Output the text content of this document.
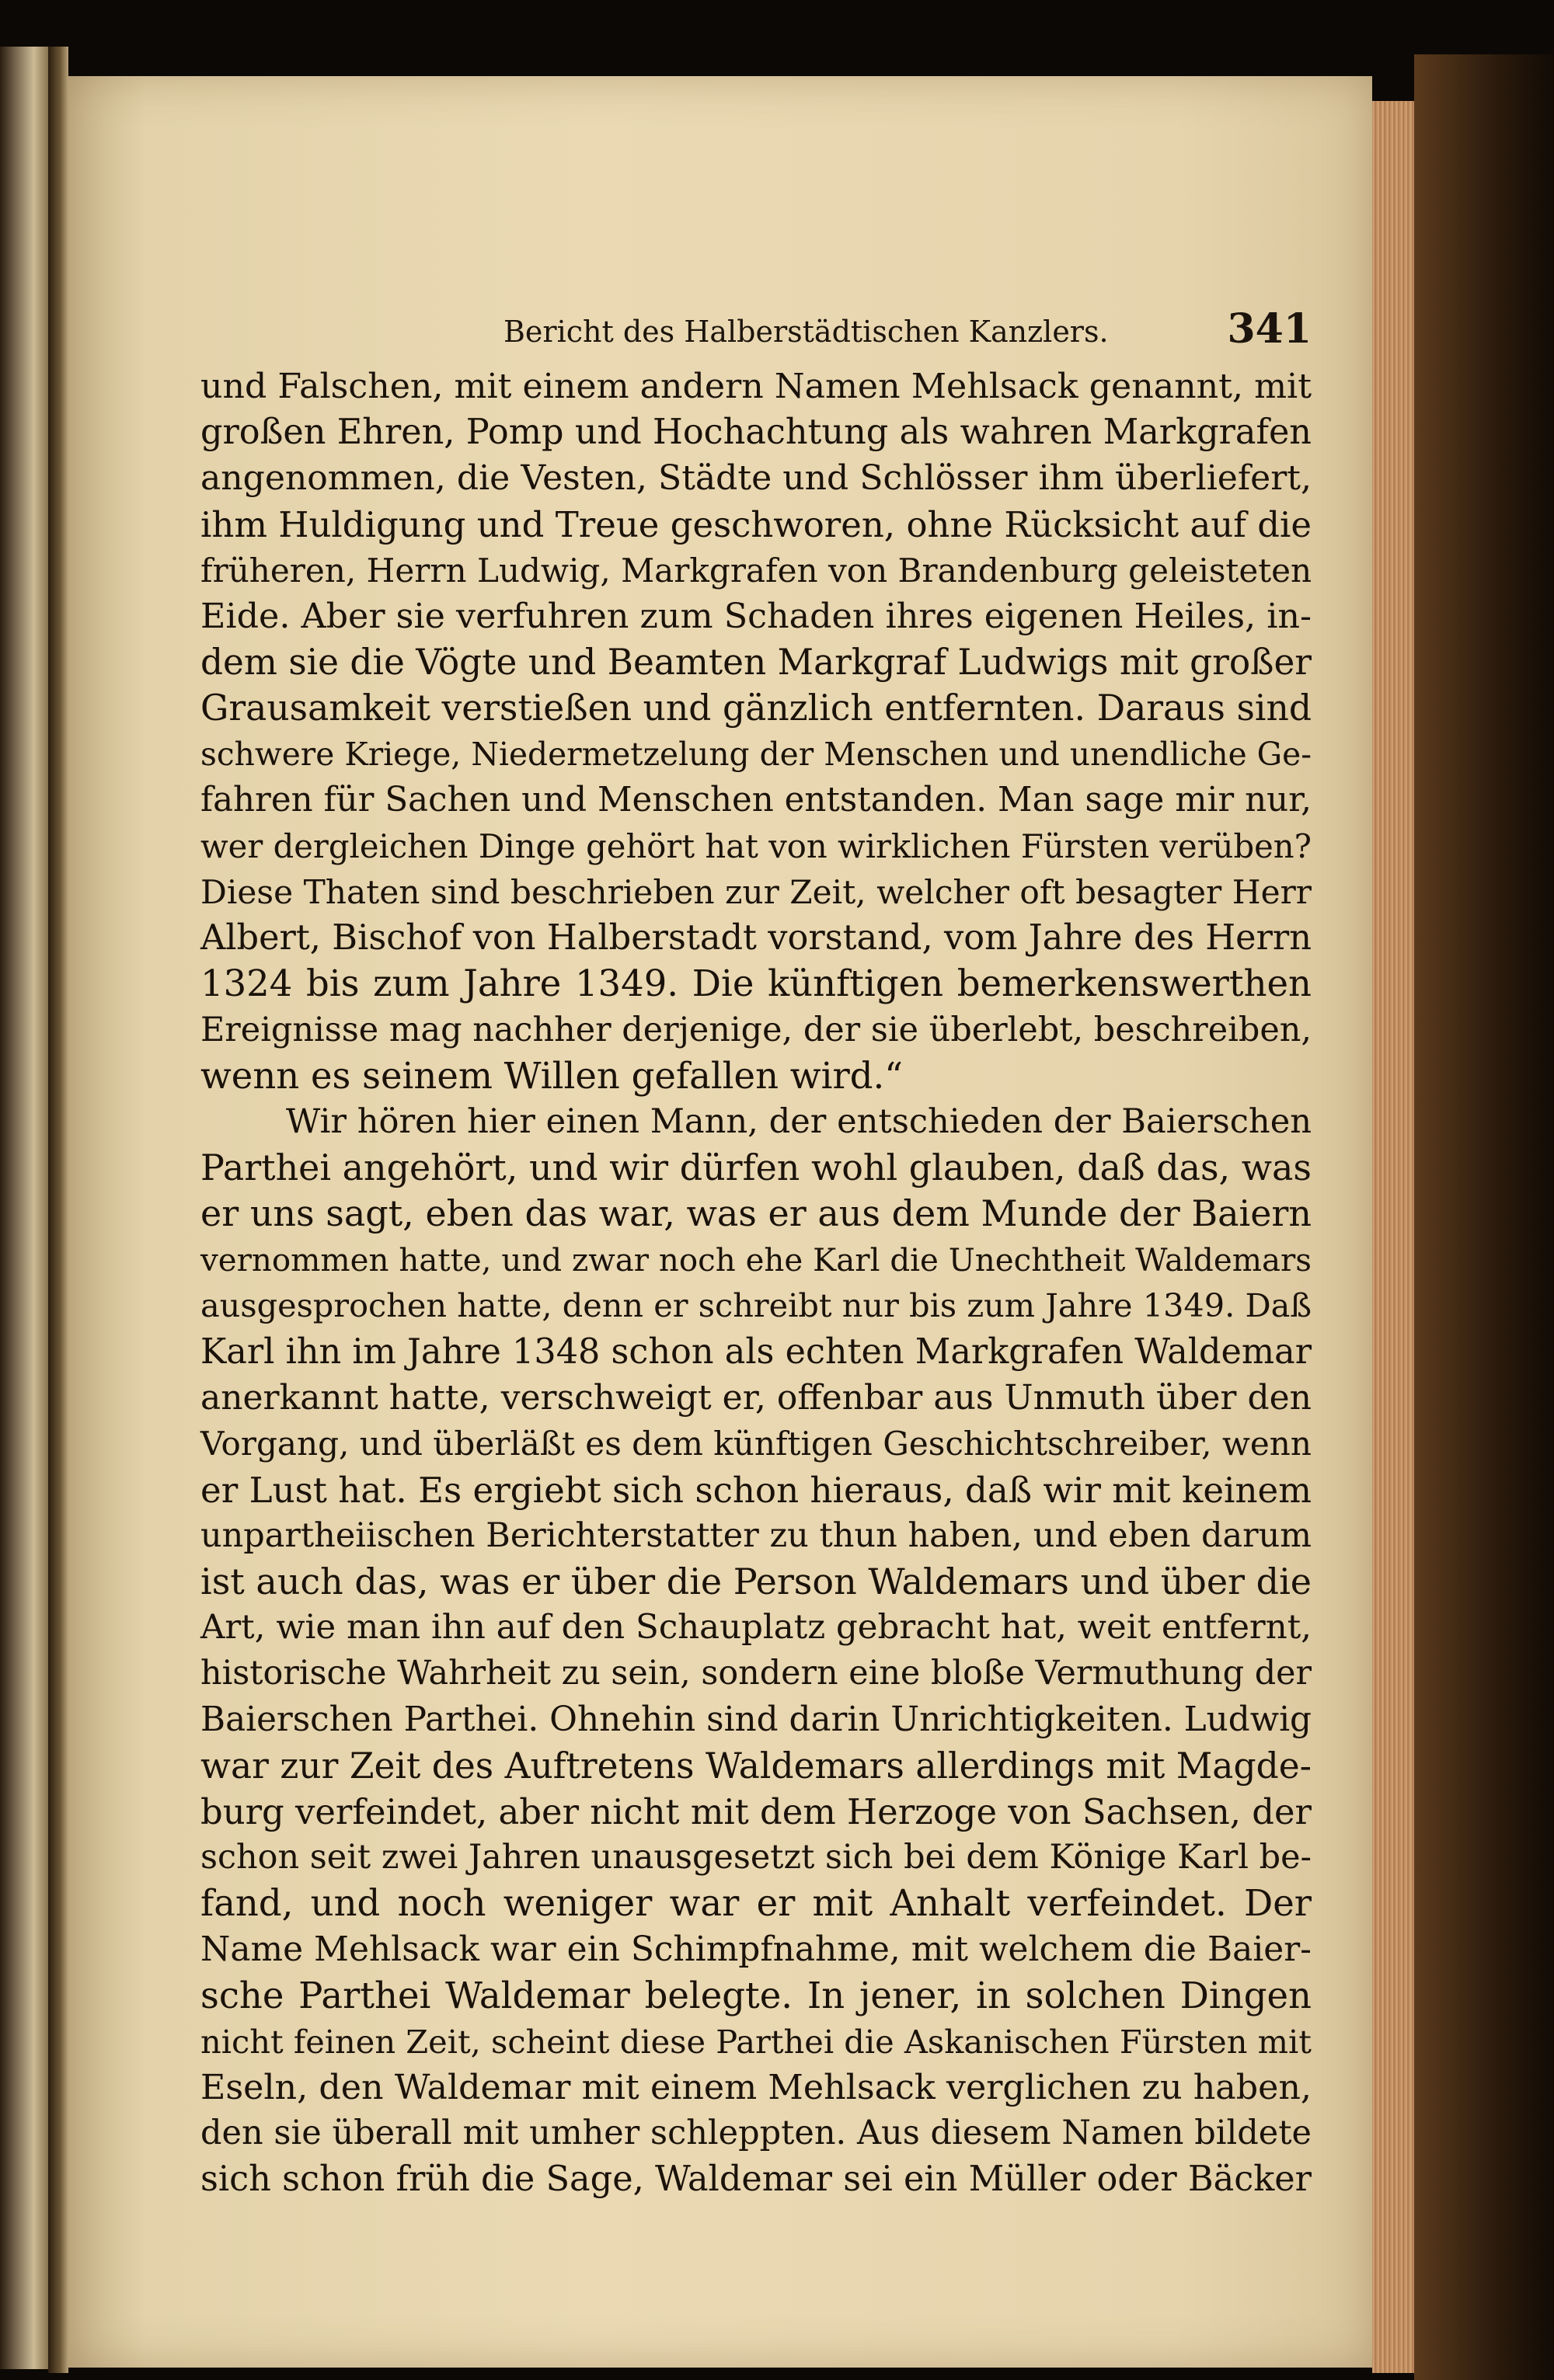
Bericht des Halberstädtischen Kanzlers.	341
und Falschen, mit einem andern Namen Mehlsack genannt, mit
großen Ehren, Pomp und Hochachtung als wahren Markgrafen
angenommen, die Vesten, Städte und Schlösser ihm überliefert,
ihm Huldigung und Treue geschworen, ohne Rücksicht auf die
früheren, Herrn Ludwig, Markgrafen von Brandenburg geleisteten
Eide. Aber sie verfuhren zum Schaden ihres eigenen Heiles, in-
dem sie die Vögte und Beamten Markgraf Ludwigs mit großer
Grausamkeit verstießen und gänzlich entfernten. Daraus sind
schwere Kriege, Niedermetzelung der Menschen und unendliche Ge-
fahren für Sachen und Menschen entstanden. Man sage mir nur,
wer dergleichen Dinge gehört hat von wirklichen Fürsten verüben?
Diese Thaten sind beschrieben zur Zeit, welcher oft besagter Herr
Albert, Bischof von Halberstadt vorstand, vom Jahre des Herrn
1324 bis zum Jahre 1349. Die künftigen bemerkenswerthen
Ereignisse mag nachher derjenige, der sie überlebt, beschreiben,
wenn es seinem Willen gefallen wird.“
Wir hören hier einen Mann, der entschieden der Baierschen
Parthei angehört, und wir dürfen wohl glauben, daß das, was
er uns sagt, eben das war, was er aus dem Munde der Baiern
vernommen hatte, und zwar noch ehe Karl die Unechtheit Waldemars
ausgesprochen hatte, denn er schreibt nur bis zum Jahre 1349. Daß
Karl ihn im Jahre 1348 schon als echten Markgrafen Waldemar
anerkannt hatte, verschweigt er, offenbar aus Unmuth über den
Vorgang, und überläßt es dem künftigen Geschichtschreiber, wenn
er Lust hat. Es ergiebt sich schon hieraus, daß wir mit keinem
unpartheiischen Berichterstatter zu thun haben, und eben darum
ist auch das, was er über die Person Waldemars und über die
Art, wie man ihn auf den Schauplatz gebracht hat, weit entfernt,
historische Wahrheit zu sein, sondern eine bloße Vermuthung der
Baierschen Parthei. Ohnehin sind darin Unrichtigkeiten. Ludwig
war zur Zeit des Auftretens Waldemars allerdings mit Magde-
burg verfeindet, aber nicht mit dem Herzoge von Sachsen, der
schon seit zwei Jahren unausgesetzt sich bei dem Könige Karl be-
fand, und noch weniger war er mit Anhalt verfeindet. Der
Name Mehlsack war ein Schimpfnahme, mit welchem die Baier-
sche Parthei Waldemar belegte. In jener, in solchen Dingen
nicht feinen Zeit, scheint diese Parthei die Askanischen Fürsten mit
Eseln, den Waldemar mit einem Mehlsack verglichen zu haben,
den sie überall mit umher schleppten. Aus diesem Namen bildete
sich schon früh die Sage, Waldemar sei ein Müller oder Bäcker
